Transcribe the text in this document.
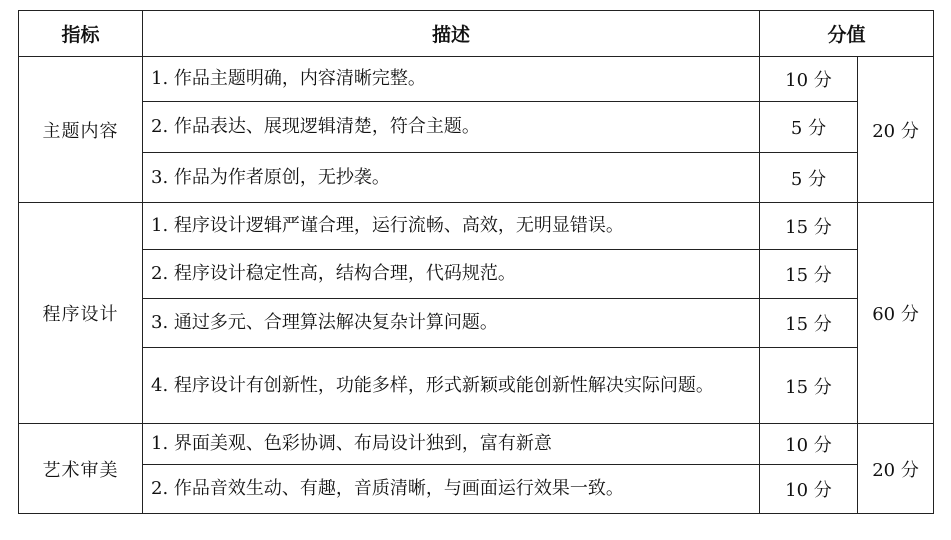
指标	描述	分值	
主题内容	1. 作品主题明确，内容清晰完整。	10 分	20 分
	2. 作品表达、展现逻辑清楚，符合主题。	5 分	
	3. 作品为作者原创，无抄袭。	5 分	
程序设计	1. 程序设计逻辑严谨合理，运行流畅、高效，无明显错误。	15 分	60 分
	2. 程序设计稳定性高，结构合理，代码规范。	15 分	
	3. 通过多元、合理算法解决复杂计算问题。	15 分	
	4. 程序设计有创新性，功能多样，形式新颖或能创新性解决实际问题。	15 分	
艺术审美	1. 界面美观、色彩协调、布局设计独到，富有新意	10 分	20 分
	2. 作品音效生动、有趣，音质清晰，与画面运行效果一致。	10 分	
